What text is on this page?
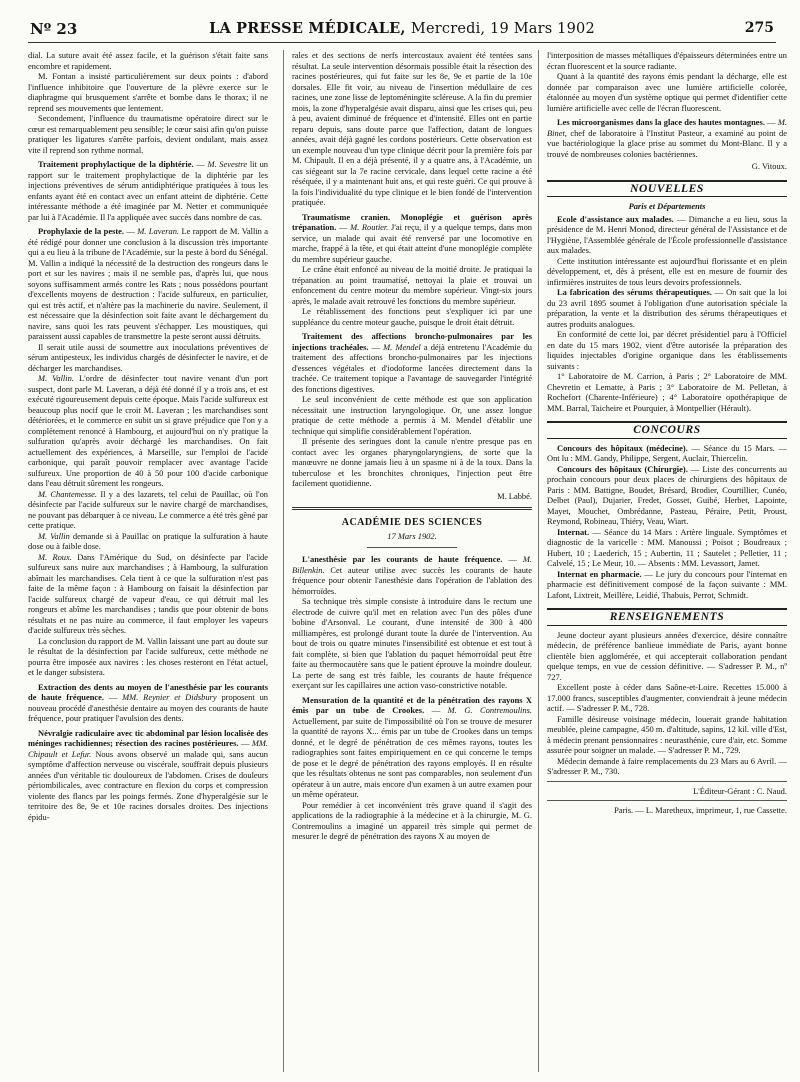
Nº 23	LA PRESSE MÉDICALE, Mercredi, 19 Mars 1902	275

dial. La suture avait été assez facile, et la guérison s'était faite sans encombre et rapidement.

M. Fontan a insisté particulièrement sur deux points : d'abord l'influence inhibitoire que l'ouverture de la plèvre exerce sur le diaphragme qui brusquement s'arrête et bombe dans le thorax; il ne reprend ses mouvements que lentement.

Secondement, l'influence du traumatisme opératoire direct sur le cœur est remarquablement peu sensible; le cœur saisi afin qu'on puisse pratiquer les ligatures s'arrête parfois, devient ondulant, mais assez vite il reprend son rythme normal.

Traitement prophylactique de la diphtérie. — M. Sevestre lit un rapport sur le traitement prophylactique de la diphtérie par les injections préventives de sérum antidiphtérique pratiquées à tous les enfants ayant été en contact avec un enfant atteint de diphtérie. Cette intéressante méthode a été imaginée par M. Netter et communiquée par lui à l'Académie. Il l'a appliquée avec succès dans nombre de cas.

Prophylaxie de la peste. — M. Laveran. Le rapport de M. Vallin a été rédigé pour donner une conclusion à la discussion très importante qui a eu lieu à la tribune de l'Académie, sur la peste à bord du Sénégal. M. Vallin a indiqué la nécessité de la destruction des rongeurs dans le port et sur les navires ; mais il ne semble pas, d'après lui, que nous soyons suffisamment armés contre les Rats ; nous possédons pourtant d'excellents moyens de destruction : l'acide sulfureux, en particulier, qui est très actif, et n'altère pas la machinerie du navire. Seulement, il est nécessaire que la désinfection soit faite avant le déchargement du navire, sans quoi les rats peuvent s'échapper. Les moustiques, qui paraissent aussi capables de transmettre la peste seront aussi détruits.

Il serait utile aussi de soumettre aux inoculations préventives de sérum antipesteux, les individus chargés de désinfecter le navire, et de décharger les marchandises.

M. Vallin. L'ordre de désinfecter tout navire venant d'un port suspect, dont parle M. Laveran, a déjà été donné il y a trois ans, et est exécuté rigoureusement depuis cette époque. Mais l'acide sulfureux est beaucoup plus nocif que le croit M. Laveran ; les marchandises sont détériorées, et le commerce en subit un si grave préjudice que l'on y a complètement renoncé à Hambourg, et aujourd'hui on n'y pratique la sulfuration qu'après avoir déchargé les marchandises. On fait actuellement des expériences, à Marseille, sur l'emploi de l'acide carbonique, qui paraît pouvoir remplacer avec avantage l'acide sulfureux. Une proportion de 40 à 50 pour 100 d'acide carbonique dans l'eau détruit sûrement les rongeurs.

M. Chantemesse. Il y a des lazarets, tel celui de Pauillac, où l'on désinfecte par l'acide sulfureux sur le navire chargé de marchandises, ne pouvant pas débarquer à ce niveau. Le commerce a été très gêné par cette pratique.

M. Vallin demande si à Pauillac on pratique la sulfuration à haute dose ou à faible dose.

M. Roux. Dans l'Amérique du Sud, on désinfecte par l'acide sulfureux sans nuire aux marchandises ; à Hambourg, la sulfuration abîmait les marchandises. Cela tient à ce que la sulfuration n'est pas faite de la même façon : à Hambourg on faisait la désinfection par l'acide sulfureux chargé de vapeur d'eau, ce qui détruit mal les rongeurs et abîme les marchandises ; tandis que pour obtenir de bons résultats et ne pas nuire au commerce, il faut employer les vapeurs d'acide sulfureux très sèches.

La conclusion du rapport de M. Vallin laissant une part au doute sur le résultat de la désinfection par l'acide sulfureux, cette méthode ne pourra être imposée aux navires : les choses resteront en l'état actuel, et le danger subsistera.

Extraction des dents au moyen de l'anesthésie par les courants de haute fréquence. — MM. Reynier et Didsbury proposent un nouveau procédé d'anesthésie dentaire au moyen des courants de haute fréquence, pour pratiquer l'avulsion des dents.

Névralgie radiculaire avec tic abdominal par lésion localisée des méninges rachidiennes; résection des racines postérieures. — MM. Chipault et Lefur. Nous avons observé un malade qui, sans aucun symptôme d'affection nerveuse ou viscérale, souffrait depuis plusieurs années d'un véritable tic douloureux de l'abdomen. Crises de douleurs périombilicales, avec contracture en flexion du corps et compression violente des flancs par les poings fermés. Zone d'hyperalgésie sur le territoire des 8e, 9e et 10e racines dorsales droites. Des injections épidu-

rales et des sections de nerfs intercostaux avaient été tentées sans résultat. La seule intervention désormais possible était la résection des racines postérieures, qui fut faite sur les 8e, 9e et partie de la 10e dorsales. Elle fit voir, au niveau de l'insertion médullaire de ces racines, une zone lisse de leptoméningite scléreuse. A la fin du premier mois, la zone d'hyperalgésie avait disparu, ainsi que les crises qui, peu à peu, avaient diminué de fréquence et d'intensité. Elles ont en partie reparu depuis, sans doute parce que l'affection, datant de longues années, avait déjà gagné les cordons postérieurs. Cette observation est un exemple nouveau d'un type clinique décrit pour la première fois par M. Chipault. Il en a déjà présenté, il y a quatre ans, à l'Académie, un cas siégeant sur la 7e racine cervicale, dans lequel cette racine a été réséquée, il y a maintenant huit ans, et qui reste guéri. Ce qui prouve à la fois l'individualité du type clinique et le bien fondé de l'intervention pratiquée.

Traumatisme cranien. Monoplégie et guérison après trépanation. — M. Routier. J'ai reçu, il y a quelque temps, dans mon service, un malade qui avait été renversé par une locomotive en marche, frappé à la tête, et qui était atteint d'une monoplégie complète du membre supérieur gauche.

Le crâne était enfoncé au niveau de la moitié droite. Je pratiquai la trépanation au point traumatisé, nettoyai la plaie et trouvai un enfoncement du centre moteur du membre supérieur. Vingt-six jours après, le malade avait retrouvé les fonctions du membre supérieur.

Le rétablissement des fonctions peut s'expliquer ici par une suppléance du centre moteur gauche, puisque le droit était détruit.

Traitement des affections broncho-pulmonaires par les injections trachéales. — M. Mendel a déjà entretenu l'Académie du traitement des affections broncho-pulmonaires par les injections d'essences végétales et d'iodoforme lancées directement dans la trachée. Ce traitement topique a l'avantage de sauvegarder l'intégrité des fonctions digestives.

Le seul inconvénient de cette méthode est que son application nécessitait une instruction laryngologique. Or, une assez longue pratique de cette méthode a permis à M. Mendel d'établir une technique qui simplifie considérablement l'opération.

Il présente des seringues dont la canule n'entre presque pas en contact avec les organes pharyngolaryngiens, de sorte que la manœuvre ne donne jamais lieu à un spasme ni à de la toux. Dans la tuberculose et les bronchites chroniques, l'injection peut être facilement quotidienne.

M. Labbé.
ACADÉMIE DES SCIENCES
17 Mars 1902.

L'anesthésie par les courants de haute fréquence. — M. Billenkin. Cet auteur utilise avec succès les courants de haute fréquence pour obtenir l'anesthésie dans l'opération de l'ablation des hémorroïdes.

Sa technique très simple consiste à introduire dans le rectum une électrode de cuivre qu'il met en relation avec l'un des pôles d'une bobine d'Arsonval. Le courant, d'une intensité de 300 à 400 milliampères, est prolongé durant toute la durée de l'intervention. Au bout de trois ou quatre minutes l'insensibilité est obtenue et est tout à fait complète, si bien que l'ablation du paquet hémorroïdal peut être faite au thermocautère sans que le patient éprouve la moindre douleur. La perte de sang est très faible, les courants de haute fréquence exerçant sur les capillaires une action vaso-constrictive notable.

Mensuration de la quantité et de la pénétration des rayons X émis par un tube de Crookes. — M. G. Contremoulins. Actuellement, par suite de l'impossibilité où l'on se trouve de mesurer la quantité de rayons X... émis par un tube de Crookes dans un temps donné, et le degré de pénétration de ces mêmes rayons, toutes les radiographies sont faites empiriquement en ce qui concerne le temps de pose et le degré de pénétration des rayons employés. Il en résulte que les résultats obtenus ne sont pas comparables, non seulement d'un opérateur à un autre, mais encore d'un examen à un autre examen pour un même opérateur.

Pour remédier à cet inconvénient très grave quand il s'agit des applications de la radiographie à la médecine et à la chirurgie, M. G. Contremoulins a imaginé un appareil très simple qui permet de mesurer le degré de pénétration des rayons X au moyen de

l'interposition de masses métalliques d'épaisseurs déterminées entre un écran fluorescent et la source radiante.

Quant à la quantité des rayons émis pendant la décharge, elle est donnée par comparaison avec une lumière artificielle colorée, étalonnée au moyen d'un système optique qui permet d'identifier cette lumière artificielle avec celle de l'écran fluorescent.

Les microorganismes dans la glace des hautes montagnes. — M. Binet, chef de laboratoire à l'Institut Pasteur, a examiné au point de vue bactériologique la glace prise au sommet du Mont-Blanc. Il y a trouvé de nombreuses colonies bactériennes.

G. Vitoux.
NOUVELLES
Paris et Départements

Ecole d'assistance aux malades. — Dimanche a eu lieu, sous la présidence de M. Henri Monod, directeur général de l'Assistance et de l'Hygiène, l'Assemblée générale de l'École professionnelle d'assistance aux malades.

Cette institution intéressante est aujourd'hui florissante et en plein développement, et, dès à présent, elle est en mesure de fournir des infirmières instruites de tous leurs devoirs professionnels.

La fabrication des sérums thérapeutiques. — On sait que la loi du 23 avril 1895 soumet à l'obligation d'une autorisation spéciale la préparation, la vente et la distribution des sérums thérapeutiques et autres produits analogues.

En conformité de cette loi, par décret présidentiel paru à l'Officiel en date du 15 mars 1902, vient d'être autorisée la préparation des liquides injectables d'origine organique dans les établissements suivants :

1° Laboratoire de M. Carrion, à Paris ; 2° Laboratoire de MM. Chevretin et Lematte, à Paris ; 3° Laboratoire de M. Pelletan, à Rochefort (Charente-Inférieure) ; 4° Laboratoire opothérapique de MM. Barral, Taicheire et Pourquier, à Montpellier (Hérault).

CONCOURS

Concours des hôpitaux (médecine). — Séance du 15 Mars. — Ont lu : MM. Gandy, Philippe, Sergent, Auclair, Thiercelin.

Concours des hôpitaux (Chirurgie). — Liste des concurrents au prochain concours pour deux places de chirurgiens des hôpitaux de Paris : MM. Battigne, Boudet, Brésard, Brodier, Courtillier, Cunéo, Delbet (Paul), Dujarier, Fredet, Gosset, Guibé, Herbet, Lapointe, Mayet, Mouchet, Ombrédanne, Pasteau, Péraire, Petit, Proust, Reymond, Robineau, Thiéry, Veau, Wiart.

Internat. — Séance du 14 Mars : Artère linguale. Symptômes et diagnostic de la varicelle : MM. Manoussi ; Poisot ; Boudreaux ; Hubert, 10 ; Laederich, 15 ; Aubertin, 11 ; Sautelet ; Pelletier, 11 ; Calvelé, 15 ; Le Meur, 10. — Absents : MM. Levassort, Jamet.

Internat en pharmacie. — Le jury du concours pour l'internat en pharmacie est définitivement composé de la façon suivante : MM. Lafont, Lixtreit, Meillère, Leidié, Thabuis, Perrot, Schmidt.

RENSEIGNEMENTS

Jeune docteur ayant plusieurs années d'exercice, désire connaître médecin, de préférence banlieue immédiate de Paris, ayant bonne clientèle bien agglomérée, et qui accepterait collaboration pendant quelque temps, en vue de cession définitive. — S'adresser P. M., nº 727.

Excellent poste à céder dans Saône-et-Loire. Recettes 15.000 à 17.000 francs, susceptibles d'augmenter, conviendrait à jeune médecin actif. — S'adresser P. M., 728.

Famille désireuse voisinage médecin, louerait grande habitation meublée, pleine campagne, 450 m. d'altitude, sapins, 12 kil. ville d'Est, à médecin prenant pensionnaires : neurasthénie, cure d'air, etc. Somme assurée pour soigner un malade. — S'adresser P. M., 729.

Médecin demande à faire remplacements du 23 Mars au 6 Avril. — S'adresser P. M., 730.

L'Éditeur-Gérant : C. Naud.
Paris. — L. Maretheux, imprimeur, 1, rue Cassette.
